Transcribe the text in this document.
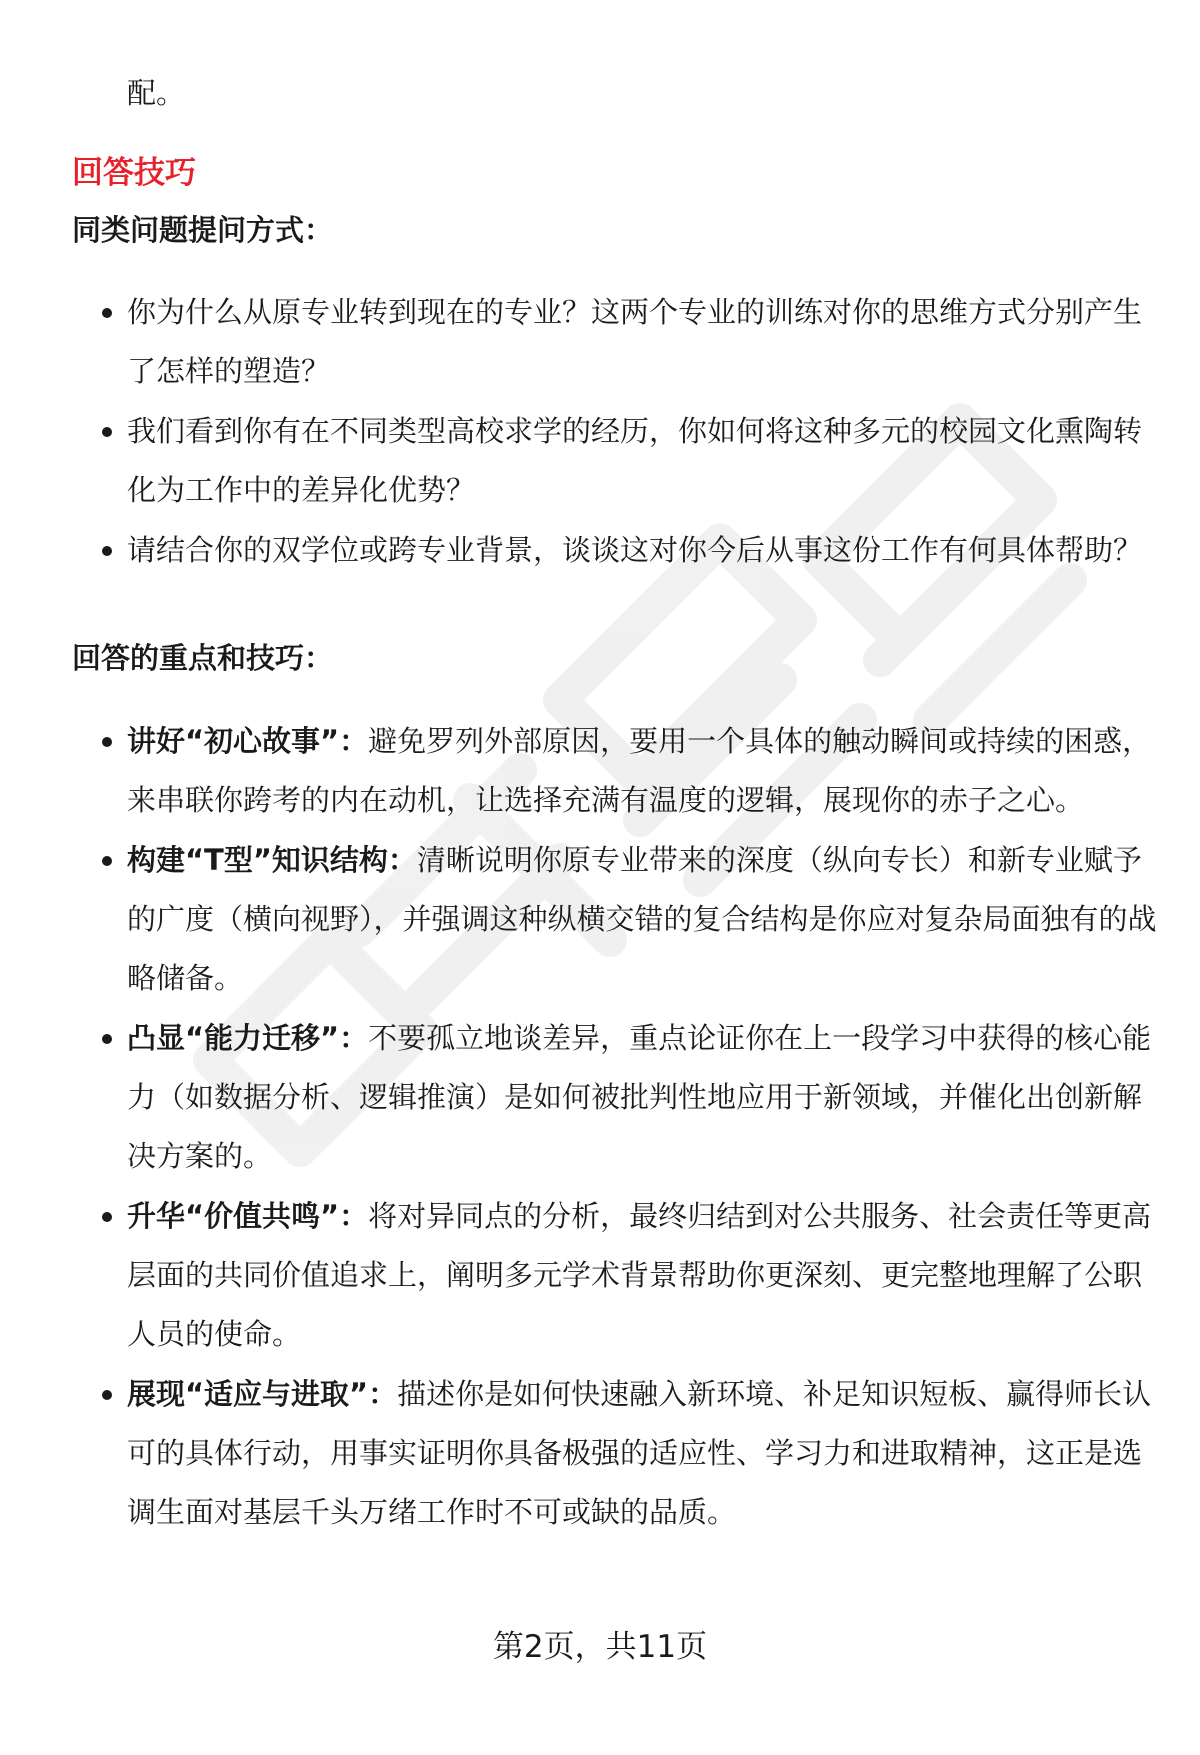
配。
回答技巧
同类问题提问方式：
你为什么从原专业转到现在的专业？这两个专业的训练对你的思维方式分别产生了怎样的塑造？
我们看到你有在不同类型高校求学的经历，你如何将这种多元的校园文化熏陶转化为工作中的差异化优势？
请结合你的双学位或跨专业背景，谈谈这对你今后从事这份工作有何具体帮助？
回答的重点和技巧：
讲好“初心故事”：避免罗列外部原因，要用一个具体的触动瞬间或持续的困惑，来串联你跨考的内在动机，让选择充满有温度的逻辑，展现你的赤子之心。
构建“T型”知识结构：清晰说明你原专业带来的深度（纵向专长）和新专业赋予的广度（横向视野），并强调这种纵横交错的复合结构是你应对复杂局面独有的战略储备。
凸显“能力迁移”：不要孤立地谈差异，重点论证你在上一段学习中获得的核心能力（如数据分析、逻辑推演）是如何被批判性地应用于新领域，并催化出创新解决方案的。
升华“价值共鸣”：将对异同点的分析，最终归结到对公共服务、社会责任等更高层面的共同价值追求上，阐明多元学术背景帮助你更深刻、更完整地理解了公职人员的使命。
展现“适应与进取”：描述你是如何快速融入新环境、补足知识短板、赢得师长认可的具体行动，用事实证明你具备极强的适应性、学习力和进取精神，这正是选调生面对基层千头万绪工作时不可或缺的品质。
第2页，共11页
